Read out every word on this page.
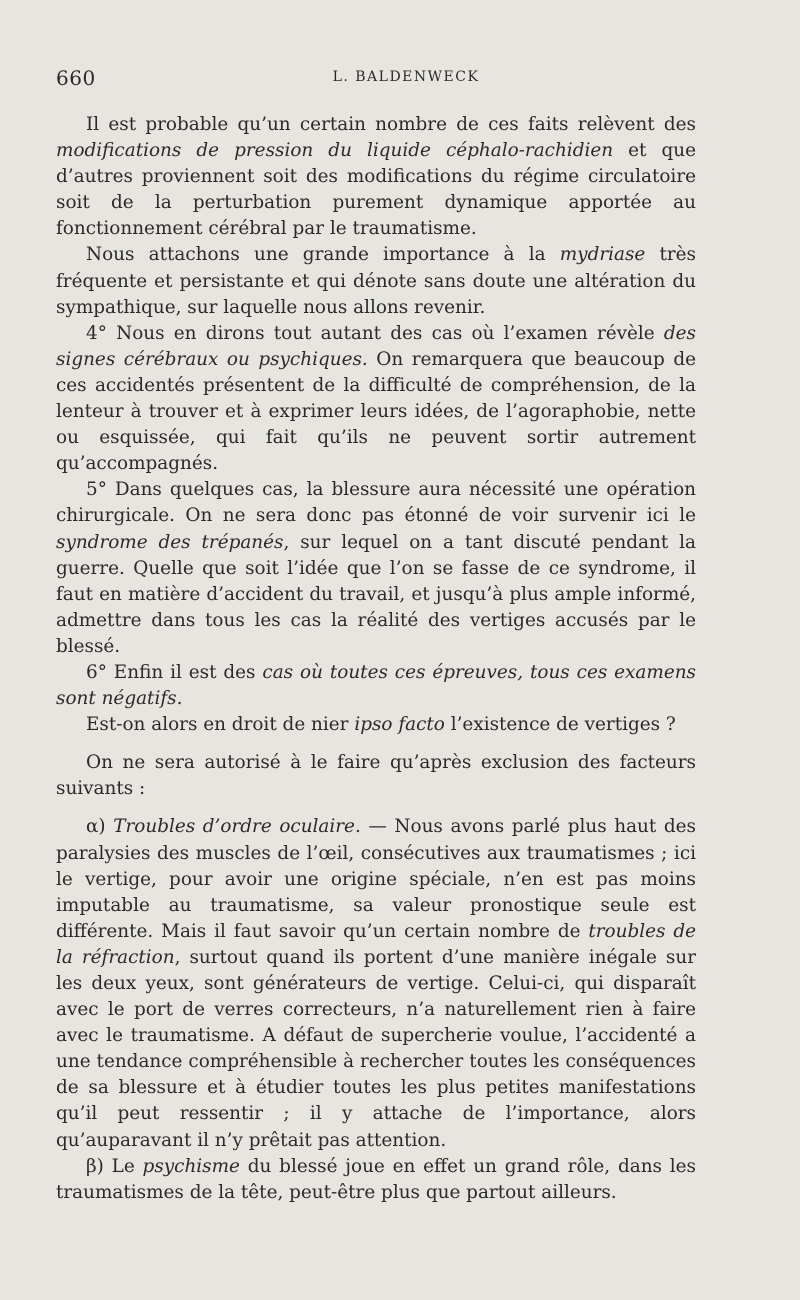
660	L. BALDENWECK

Il est probable qu’un certain nombre de ces faits relèvent des modifications de pression du liquide céphalo-rachidien et que d’autres proviennent soit des modifications du régime circulatoire soit de la perturbation purement dynamique apportée au fonctionnement cérébral par le traumatisme.

Nous attachons une grande importance à la mydriase très fréquente et persistante et qui dénote sans doute une altération du sympathique, sur laquelle nous allons revenir.

4° Nous en dirons tout autant des cas où l’examen révèle des signes cérébraux ou psychiques. On remarquera que beaucoup de ces accidentés présentent de la difficulté de compréhension, de la lenteur à trouver et à exprimer leurs idées, de l’agoraphobie, nette ou esquissée, qui fait qu’ils ne peuvent sortir autrement qu’accompagnés.

5° Dans quelques cas, la blessure aura nécessité une opération chirurgicale. On ne sera donc pas étonné de voir survenir ici le syndrome des trépanés, sur lequel on a tant discuté pendant la guerre. Quelle que soit l’idée que l’on se fasse de ce syndrome, il faut en matière d’accident du travail, et jusqu’à plus ample informé, admettre dans tous les cas la réalité des vertiges accusés par le blessé.

6° Enfin il est des cas où toutes ces épreuves, tous ces examens sont négatifs.

Est-on alors en droit de nier ipso facto l’existence de vertiges ?

On ne sera autorisé à le faire qu’après exclusion des facteurs suivants :

α) Troubles d’ordre oculaire. — Nous avons parlé plus haut des paralysies des muscles de l’œil, consécutives aux traumatismes ; ici le vertige, pour avoir une origine spéciale, n’en est pas moins imputable au traumatisme, sa valeur pronostique seule est différente. Mais il faut savoir qu’un certain nombre de troubles de la réfraction, surtout quand ils portent d’une manière inégale sur les deux yeux, sont générateurs de vertige. Celui-ci, qui disparaît avec le port de verres correcteurs, n’a naturellement rien à faire avec le traumatisme. A défaut de supercherie voulue, l’accidenté a une tendance compréhensible à rechercher toutes les conséquences de sa blessure et à étudier toutes les plus petites manifestations qu’il peut ressentir ; il y attache de l’importance, alors qu’auparavant il n’y prêtait pas attention.

β) Le psychisme du blessé joue en effet un grand rôle, dans les traumatismes de la tête, peut-être plus que partout ailleurs.
